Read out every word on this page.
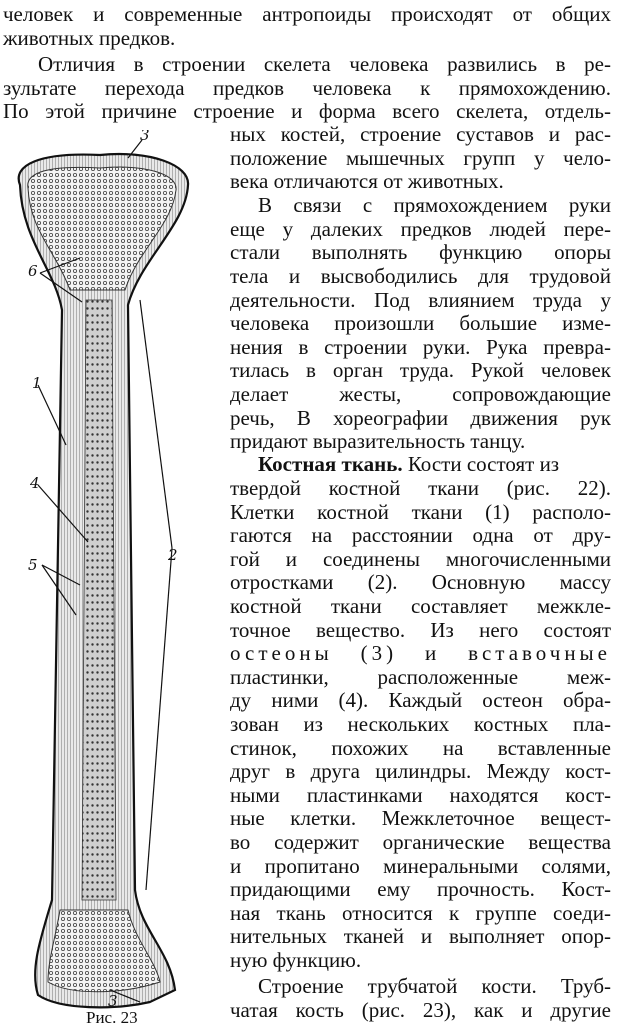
человек и современные антропоиды происходят от общих
животных предков.
Отличия в строении скелета человека развились в ре-
зультате перехода предков человека к прямохождению.
По этой причине строение и форма всего скелета, отдель-
ных костей, строение суставов и рас-
положение мышечных групп у чело-
века отличаются от животных.
В связи с прямохождением руки
еще у далеких предков людей пере-
стали выполнять функцию опоры
тела и высвободились для трудовой
деятельности. Под влиянием труда у
человека произошли большие изме-
нения в строении руки. Рука превра-
тилась в орган труда. Рукой человек
делает жесты, сопровождающие
речь, В хореографии движения рук
придают выразительность танцу.
Костная ткань. Кости состоят из
твердой костной ткани (рис. 22).
Клетки костной ткани (1) располо-
гаются на расстоянии одна от дру-
гой и соединены многочисленными
отростками (2). Основную массу
костной ткани составляет межкле-
точное вещество. Из него состоят
остеоны (3) и вставочные
пластинки, расположенные меж-
ду ними (4). Каждый остеон обра-
зован из нескольких костных пла-
стинок, похожих на вставленные
друг в друга цилиндры. Между кост-
ными пластинками находятся кост-
ные клетки. Межклеточное вещест-
во содержит органические вещества
и пропитано минеральными солями,
придающими ему прочность. Кост-
ная ткань относится к группе соеди-
нительных тканей и выполняет опор-
ную функцию.
Строение трубчатой кости. Труб-
чатая кость (рис. 23), как и другие
3
6
1
4
5
2
3
Рис. 23
